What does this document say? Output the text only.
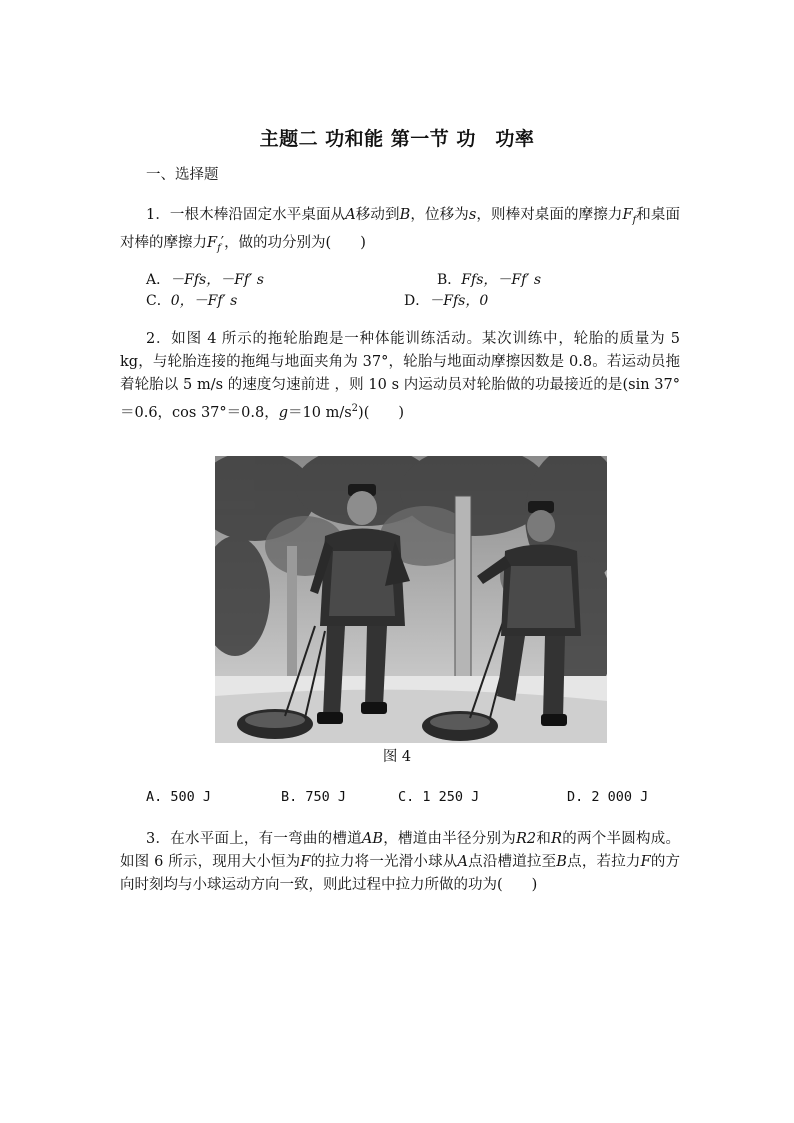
主题二 功和能 第一节 功　功率
一、选择题
1．一根木棒沿固定水平桌面从A移动到B，位移为s，则棒对桌面的摩擦力$F_f$和桌面对棒的摩擦力$F_f'$，做的功分别为(　　)
A．－Ffs，－Ff′ s	B．Ffs，－Ff′ s
C．0，－Ff′ s	D．－Ffs，0
2．如图 4 所示的拖轮胎跑是一种体能训练活动。某次训练中，轮胎的质量为 5 kg，与轮胎连接的拖绳与地面夹角为 37°，轮胎与地面动摩擦因数是 0.8。若运动员拖着轮胎以 5 m/s 的速度匀速前进 ，则 10 s 内运动员对轮胎做的功最接近的是(sin 37°＝0.6，cos 37°＝0.8，g＝10 $m/s^2$)(　　)
图 4
A. 500 J	B. 750 J	C. 1 250 J	D. 2 000 J
3．在水平面上，有一弯曲的槽道AB，槽道由半径分别为R2和R的两个半圆构成。如图 6 所示，现用大小恒为F的拉力将一光滑小球从A点沿槽道拉至B点，若拉力F的方向时刻均与小球运动方向一致，则此过程中拉力所做的功为(　　)
